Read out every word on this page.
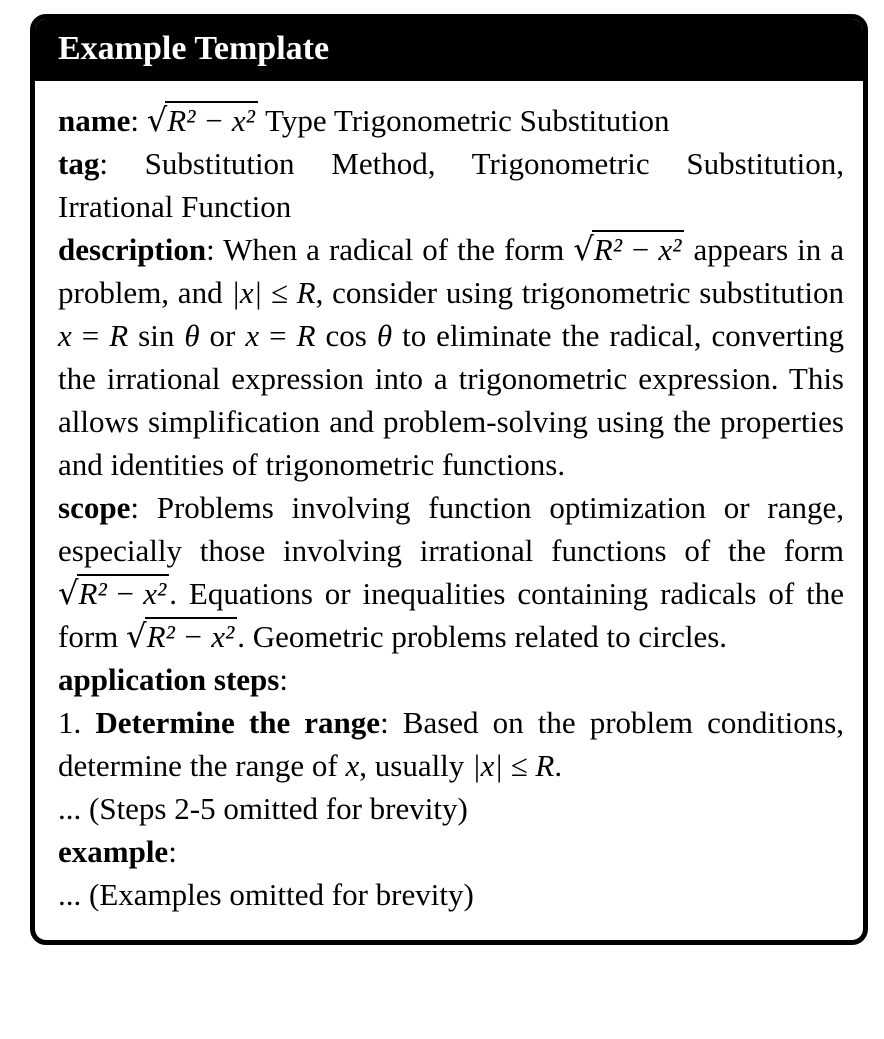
Example Template

name: √R² − x² Type Trigonometric Substitution

tag: Substitution Method, Trigonometric Substitution, Irrational Function

description: When a radical of the form √R² − x² appears in a problem, and |x| ≤ R, consider using trigonometric substitution x = R sin θ or x = R cos θ to eliminate the radical, converting the irrational expression into a trigonometric expression. This allows simplification and problem-solving using the properties and identities of trigonometric functions.

scope: Problems involving function optimization or range, especially those involving irrational functions of the form √R² − x². Equations or inequalities containing radicals of the form √R² − x². Geometric problems related to circles.

application steps:

1. Determine the range: Based on the problem conditions, determine the range of x, usually |x| ≤ R.

... (Steps 2-5 omitted for brevity)

example:

... (Examples omitted for brevity)
